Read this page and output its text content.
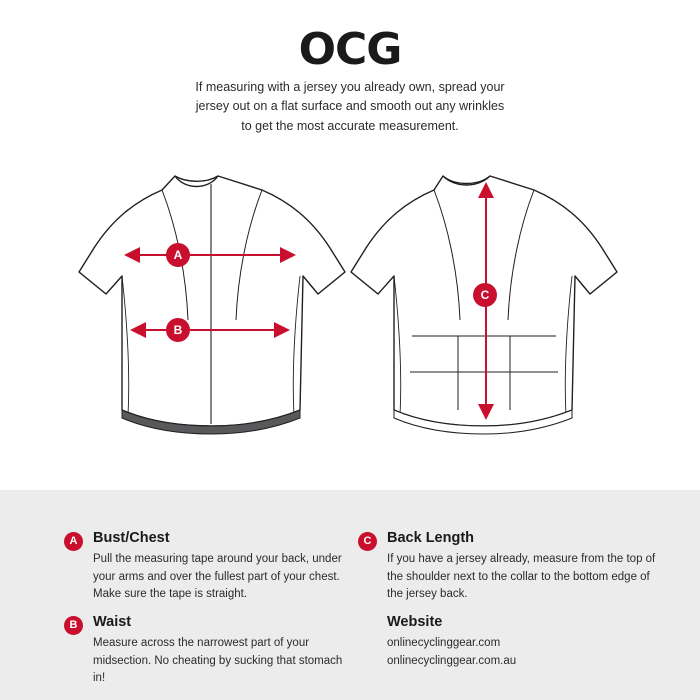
OCG
If measuring with a jersey you already own, spread your jersey out on a flat surface and smooth out any wrinkles to get the most accurate measurement.
A
B
C
A	Bust/Chest
Pull the measuring tape around your back, under your arms and over the fullest part of your chest. Make sure the tape is straight.
B	Waist
Measure across the narrowest part of your midsection. No cheating by sucking that stomach in!
C	Back Length
If you have a jersey already, measure from the top of the shoulder next to the collar to the bottom edge of the jersey back.
Website
onlinecyclinggear.com
onlinecyclinggear.com.au
